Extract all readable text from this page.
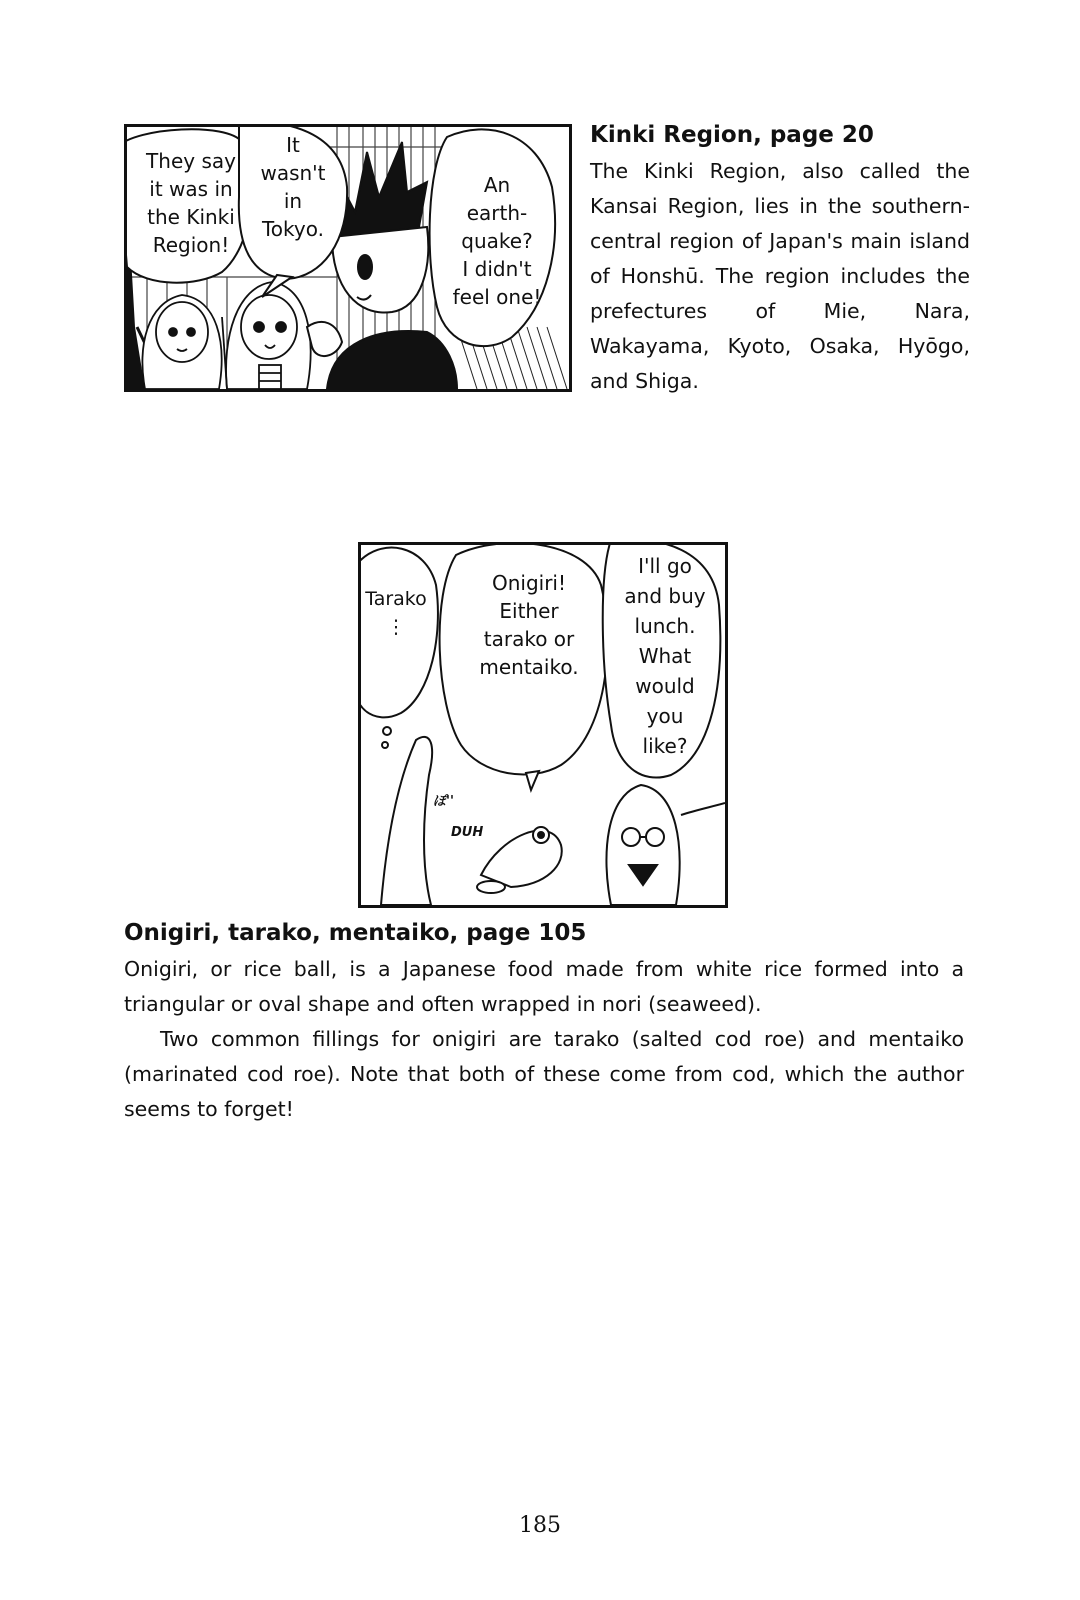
They say
it was in
the Kinki
Region!
It
wasn't
in
Tokyo.
An
earth-
quake?
I didn't
feel one!
Kinki Region, page 20

The Kinki Region, also called the Kansai Region, lies in the southern-central region of Japan's main island of Honshū. The region includes the prefectures of Mie, Nara, Wakayama, Kyoto, Osaka, Hyōgo, and Shiga.

Tarako
⋮
Onigiri!
Either
tarako or
mentaiko.
I'll go
and buy
lunch.
What
would
you
like?
ぽ''
DUH
Onigiri, tarako, mentaiko, page 105

Onigiri, or rice ball, is a Japanese food made from white rice formed into a triangular or oval shape and often wrapped in nori (seaweed).

Two common fillings for onigiri are tarako (salted cod roe) and mentaiko (marinated cod roe). Note that both of these come from cod, which the author seems to forget!

185
